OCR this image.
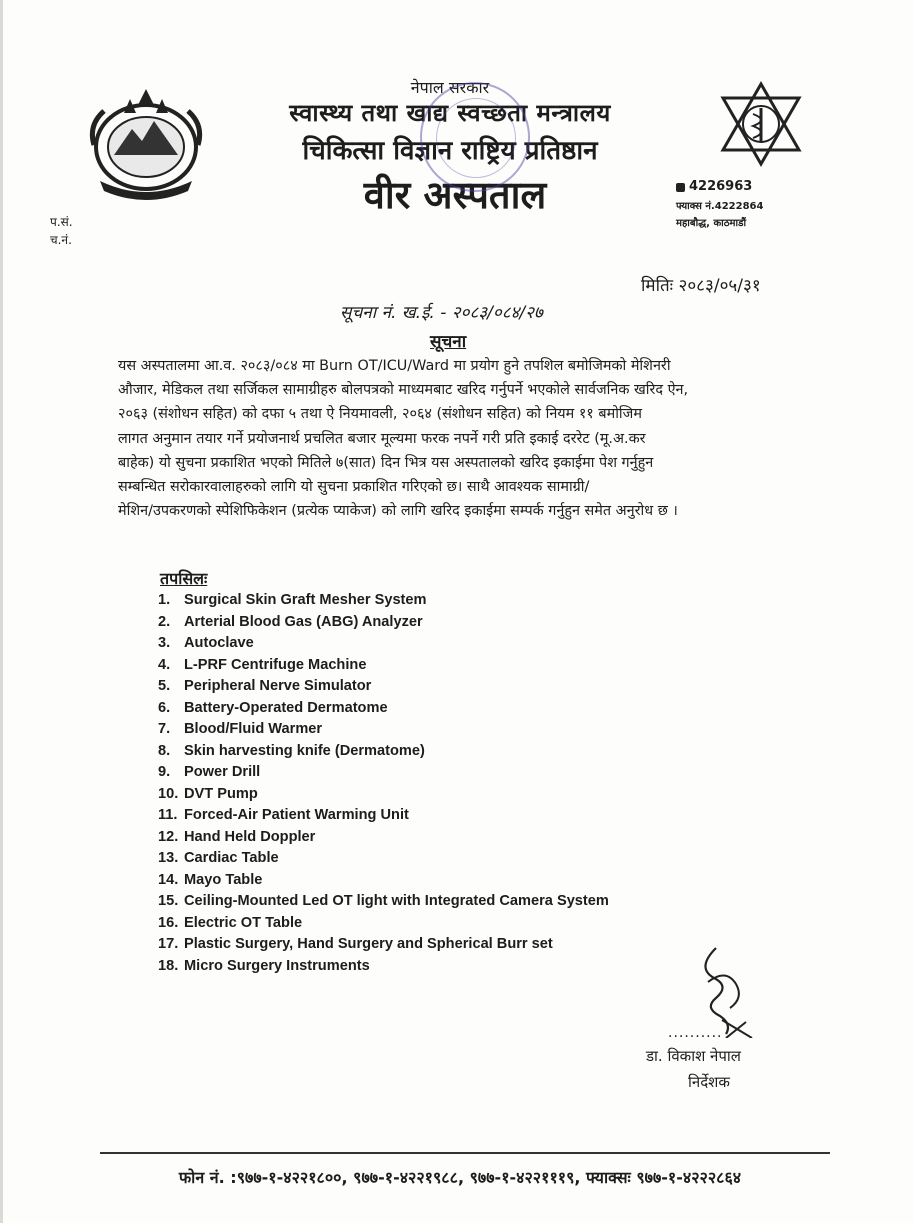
नेपाल सरकार
स्वास्थ्य तथा खाद्य स्वच्छता मन्त्रालय
चिकित्सा विज्ञान राष्ट्रिय प्रतिष्ठान
वीर अस्पताल	4226963
फ्याक्स नं.4222864
महाबौद्ध, काठमाडौं
प.सं.
च.नं.
मितिः २०८३/०५/३१
सूचना नं. ख.ई. - २०८३/०८४/२७
सूचना
यस अस्पतालमा आ.व. २०८३/०८४ मा Burn OT/ICU/Ward मा प्रयोग हुने तपशिल बमोजिमको मेशिनरी
औजार, मेडिकल तथा सर्जिकल सामाग्रीहरु बोलपत्रको माध्यमबाट खरिद गर्नुपर्ने भएकोले सार्वजनिक खरिद ऐन,
२०६३ (संशोधन सहित) को दफा ५ तथा ऐ नियमावली, २०६४ (संशोधन सहित) को नियम ११ बमोजिम
लागत अनुमान तयार गर्ने प्रयोजनार्थ प्रचलित बजार मूल्यमा फरक नपर्ने गरी प्रति इकाई दररेट (मू.अ.कर
बाहेक) यो सुचना प्रकाशित भएको मितिले ७(सात) दिन भित्र यस अस्पतालको खरिद इकाईमा पेश गर्नुहुन
सम्बन्धित सरोकारवालाहरुको लागि यो सुचना प्रकाशित गरिएको छ। साथै आवश्यक सामाग्री/
मेशिन/उपकरणको स्पेशिफिकेशन (प्रत्येक प्याकेज) को लागि खरिद इकाईमा सम्पर्क गर्नुहुन समेत अनुरोध छ ।
तपसिलः
1. Surgical Skin Graft Mesher System
2. Arterial Blood Gas (ABG) Analyzer
3. Autoclave
4. L-PRF Centrifuge Machine
5. Peripheral Nerve Simulator
6. Battery-Operated Dermatome
7. Blood/Fluid Warmer
8. Skin harvesting knife (Dermatome)
9. Power Drill
10. DVT Pump
11. Forced-Air Patient Warming Unit
12. Hand Held Doppler
13. Cardiac Table
14. Mayo Table
15. Ceiling-Mounted Led OT light with Integrated Camera System
16. Electric OT Table
17. Plastic Surgery, Hand Surgery and Spherical Burr set
18. Micro Surgery Instruments
..........
डा. विकाश नेपाल
निर्देशक
फोन नं. :९७७-१-४२२१८००, ९७७-१-४२२१९८८, ९७७-१-४२२१११९, फ्याक्सः ९७७-१-४२२२८६४
